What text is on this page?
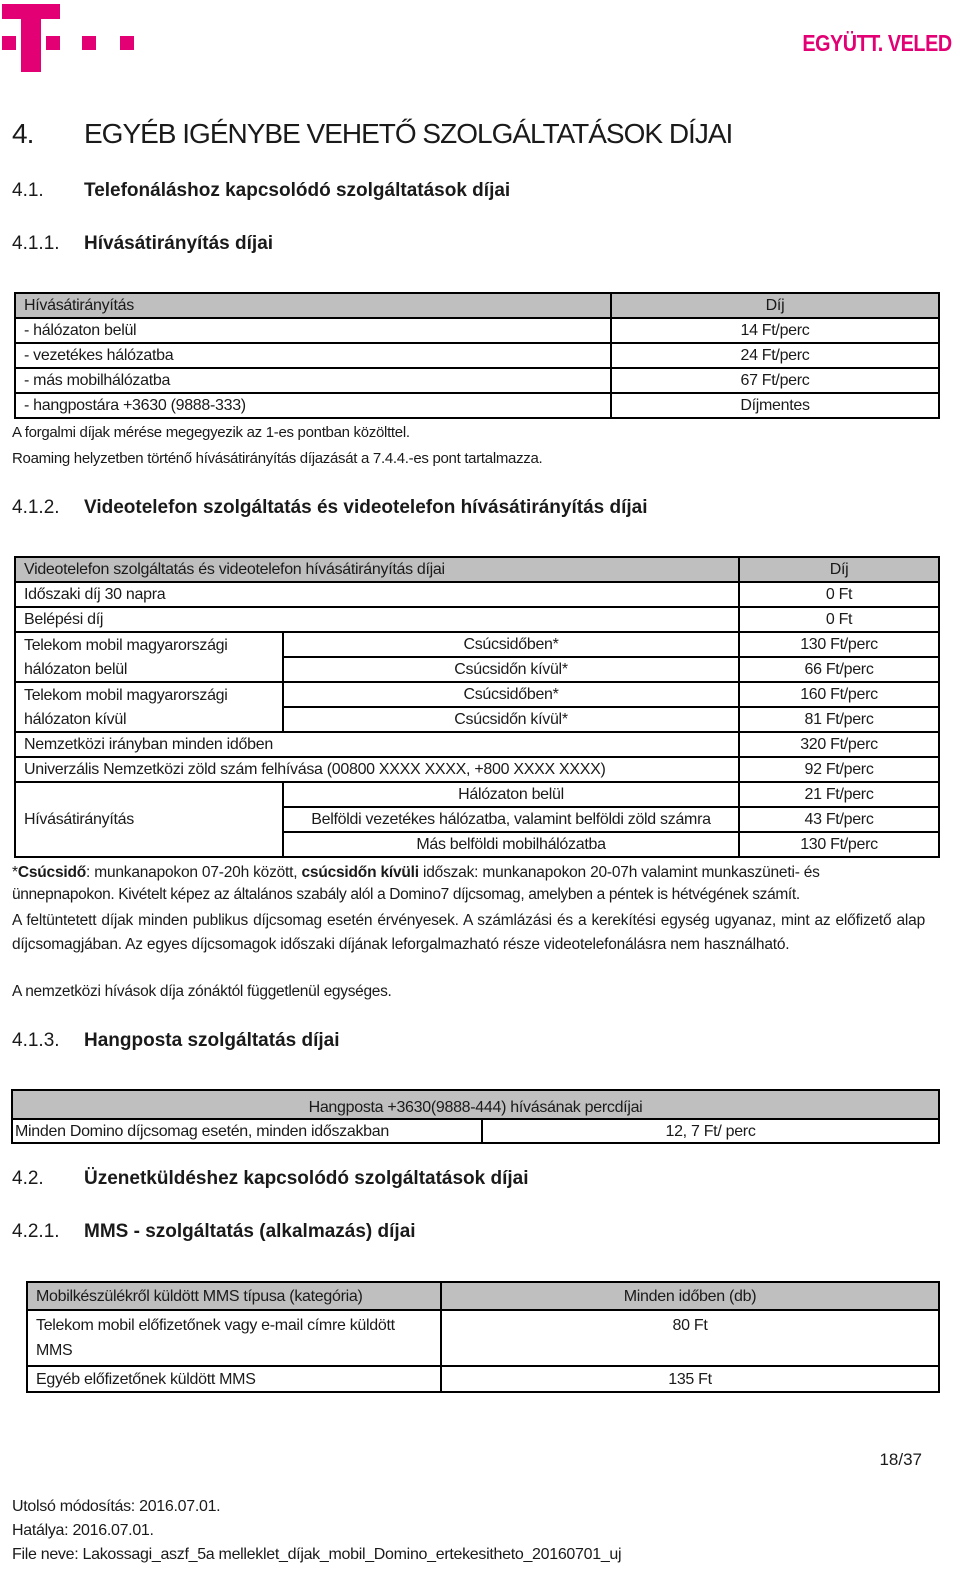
EGYÜTT. VELED
4. EGYÉB IGÉNYBE VEHETŐ SZOLGÁLTATÁSOK DÍJAI
4.1. Telefonáláshoz kapcsolódó szolgáltatások díjai
4.1.1. Hívásátirányítás díjai
Hívásátirányítás	Díj
- hálózaton belül	14 Ft/perc
- vezetékes hálózatba	24 Ft/perc
- más mobilhálózatba	67 Ft/perc
- hangpostára +3630 (9888-333)	Díjmentes
A forgalmi díjak mérése megegyezik az 1-es pontban közölttel.
Roaming helyzetben történő hívásátirányítás díjazását a 7.4.4.-es pont tartalmazza.
4.1.2. Videotelefon szolgáltatás és videotelefon hívásátirányítás díjai
Videotelefon szolgáltatás és videotelefon hívásátirányítás díjai		Díj
Időszaki díj 30 napra		0 Ft
Belépési díj		0 Ft
Telekom mobil magyarországi	Csúcsidőben*	130 Ft/perc
hálózaton belül	Csúcsidőn kívül*	66 Ft/perc
Telekom mobil magyarországi	Csúcsidőben*	160 Ft/perc
hálózaton kívül	Csúcsidőn kívül*	81 Ft/perc
Nemzetközi irányban minden időben		320 Ft/perc
Univerzális Nemzetközi zöld szám felhívása (00800 XXXX XXXX, +800 XXXX XXXX)		92 Ft/perc
Hívásátirányítás	Hálózaton belül	21 Ft/perc
	Belföldi vezetékes hálózatba, valamint belföldi zöld számra	43 Ft/perc
	Más belföldi mobilhálózatba	130 Ft/perc
*Csúcsidő: munkanapokon 07-20h között, csúcsidőn kívüli időszak: munkanapokon 20-07h valamint munkaszüneti- és
ünnepnapokon. Kivételt képez az általános szabály alól a Domino7 díjcsomag, amelyben a péntek is hétvégének számít.
A feltüntetett díjak minden publikus díjcsomag esetén érvényesek. A számlázási és a kerekítési egység ugyanaz, mint az előfizető alap díjcsomagjában. Az egyes díjcsomagok időszaki díjának leforgalmazható része videotelefonálásra nem használható.
A nemzetközi hívások díja zónáktól függetlenül egységes.
4.1.3. Hangposta szolgáltatás díjai
Hangposta +3630(9888-444) hívásának percdíjai
Minden Domino díjcsomag esetén, minden időszakban	12, 7 Ft/ perc
4.2. Üzenetküldéshez kapcsolódó szolgáltatások díjai
4.2.1. MMS - szolgáltatás (alkalmazás) díjai
Mobilkészülékről küldött MMS típusa (kategória)	Minden időben (db)

Telekom mobil előfizetőnek vagy e-mail címre küldött
MMS	80 Ft
Egyéb előfizetőnek küldött MMS	135 Ft
18/37
Utolsó módosítás: 2016.07.01.
Hatálya: 2016.07.01.
File neve: Lakossagi_aszf_5a melleklet_díjak_mobil_Domino_ertekesitheto_20160701_uj
